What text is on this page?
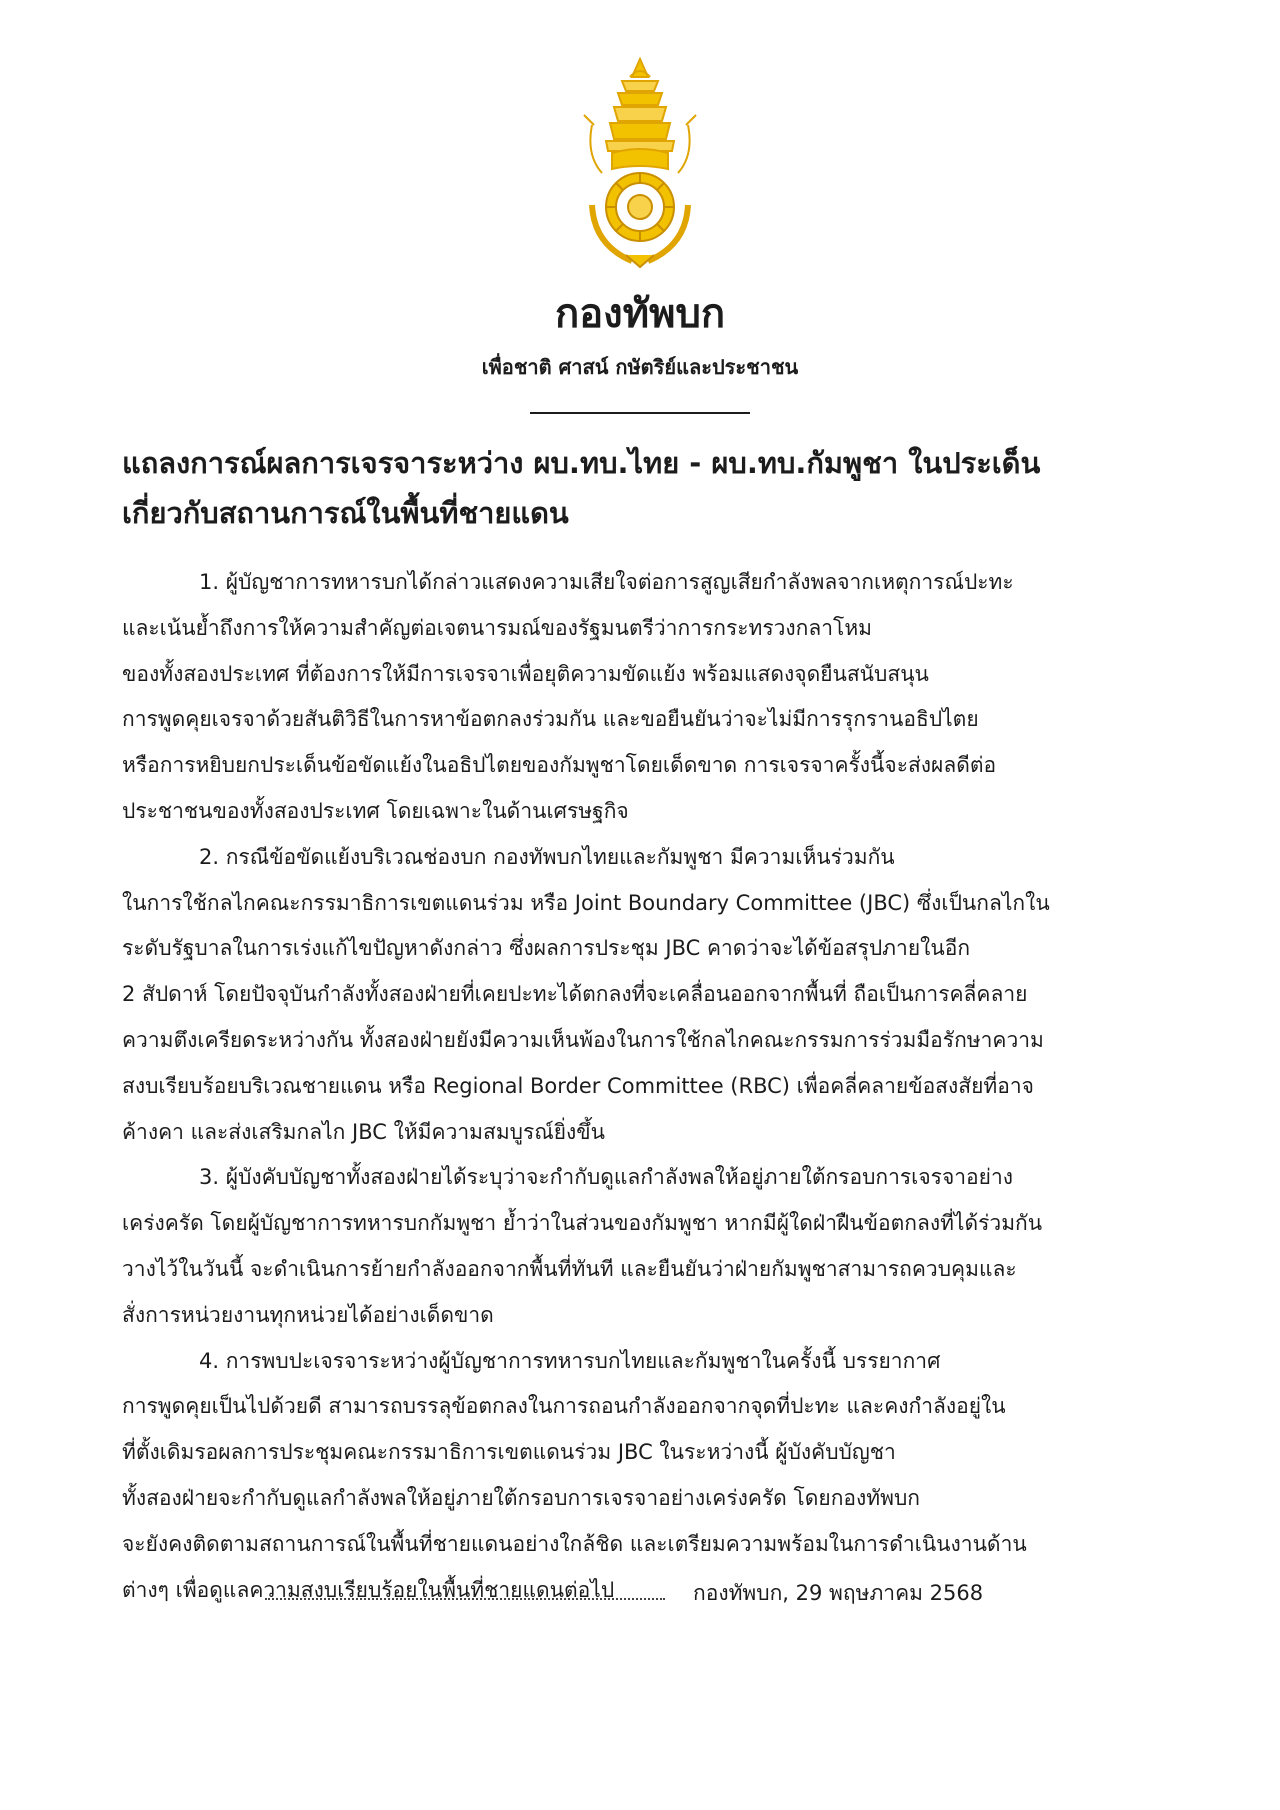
กองทัพบก
เพื่อชาติ ศาสน์ กษัตริย์และประชาชน
แถลงการณ์ผลการเจรจาระหว่าง ผบ.ทบ.ไทย - ผบ.ทบ.กัมพูชา ในประเด็น
เกี่ยวกับสถานการณ์ในพื้นที่ชายแดน
1. ผู้บัญชาการทหารบกได้กล่าวแสดงความเสียใจต่อการสูญเสียกำลังพลจากเหตุการณ์ปะทะ
และเน้นย้ำถึงการให้ความสำคัญต่อเจตนารมณ์ของรัฐมนตรีว่าการกระทรวงกลาโหม
ของทั้งสองประเทศ ที่ต้องการให้มีการเจรจาเพื่อยุติความขัดแย้ง พร้อมแสดงจุดยืนสนับสนุน
การพูดคุยเจรจาด้วยสันติวิธีในการหาข้อตกลงร่วมกัน และขอยืนยันว่าจะไม่มีการรุกรานอธิปไตย
หรือการหยิบยกประเด็นข้อขัดแย้งในอธิปไตยของกัมพูชาโดยเด็ดขาด การเจรจาครั้งนี้จะส่งผลดีต่อ
ประชาชนของทั้งสองประเทศ โดยเฉพาะในด้านเศรษฐกิจ
2. กรณีข้อขัดแย้งบริเวณช่องบก กองทัพบกไทยและกัมพูชา มีความเห็นร่วมกัน
ในการใช้กลไกคณะกรรมาธิการเขตแดนร่วม หรือ Joint Boundary Committee (JBC) ซึ่งเป็นกลไกใน
ระดับรัฐบาลในการเร่งแก้ไขปัญหาดังกล่าว ซึ่งผลการประชุม JBC คาดว่าจะได้ข้อสรุปภายในอีก
2 สัปดาห์ โดยปัจจุบันกำลังทั้งสองฝ่ายที่เคยปะทะได้ตกลงที่จะเคลื่อนออกจากพื้นที่ ถือเป็นการคลี่คลาย
ความตึงเครียดระหว่างกัน ทั้งสองฝ่ายยังมีความเห็นพ้องในการใช้กลไกคณะกรรมการร่วมมือรักษาความ
สงบเรียบร้อยบริเวณชายแดน หรือ Regional Border Committee (RBC) เพื่อคลี่คลายข้อสงสัยที่อาจ
ค้างคา และส่งเสริมกลไก JBC ให้มีความสมบูรณ์ยิ่งขึ้น
3. ผู้บังคับบัญชาทั้งสองฝ่ายได้ระบุว่าจะกำกับดูแลกำลังพลให้อยู่ภายใต้กรอบการเจรจาอย่าง
เคร่งครัด โดยผู้บัญชาการทหารบกกัมพูชา ย้ำว่าในส่วนของกัมพูชา หากมีผู้ใดฝ่าฝืนข้อตกลงที่ได้ร่วมกัน
วางไว้ในวันนี้ จะดำเนินการย้ายกำลังออกจากพื้นที่ทันที และยืนยันว่าฝ่ายกัมพูชาสามารถควบคุมและ
สั่งการหน่วยงานทุกหน่วยได้อย่างเด็ดขาด
4. การพบปะเจรจาระหว่างผู้บัญชาการทหารบกไทยและกัมพูชาในครั้งนี้ บรรยากาศ
การพูดคุยเป็นไปด้วยดี สามารถบรรลุข้อตกลงในการถอนกำลังออกจากจุดที่ปะทะ และคงกำลังอยู่ใน
ที่ตั้งเดิมรอผลการประชุมคณะกรรมาธิการเขตแดนร่วม JBC ในระหว่างนี้ ผู้บังคับบัญชา
ทั้งสองฝ่ายจะกำกับดูแลกำลังพลให้อยู่ภายใต้กรอบการเจรจาอย่างเคร่งครัด โดยกองทัพบก
จะยังคงติดตามสถานการณ์ในพื้นที่ชายแดนอย่างใกล้ชิด และเตรียมความพร้อมในการดำเนินงานด้าน
ต่างๆ เพื่อดูแลความสงบเรียบร้อยในพื้นที่ชายแดนต่อไป	กองทัพบก, 29 พฤษภาคม 2568
